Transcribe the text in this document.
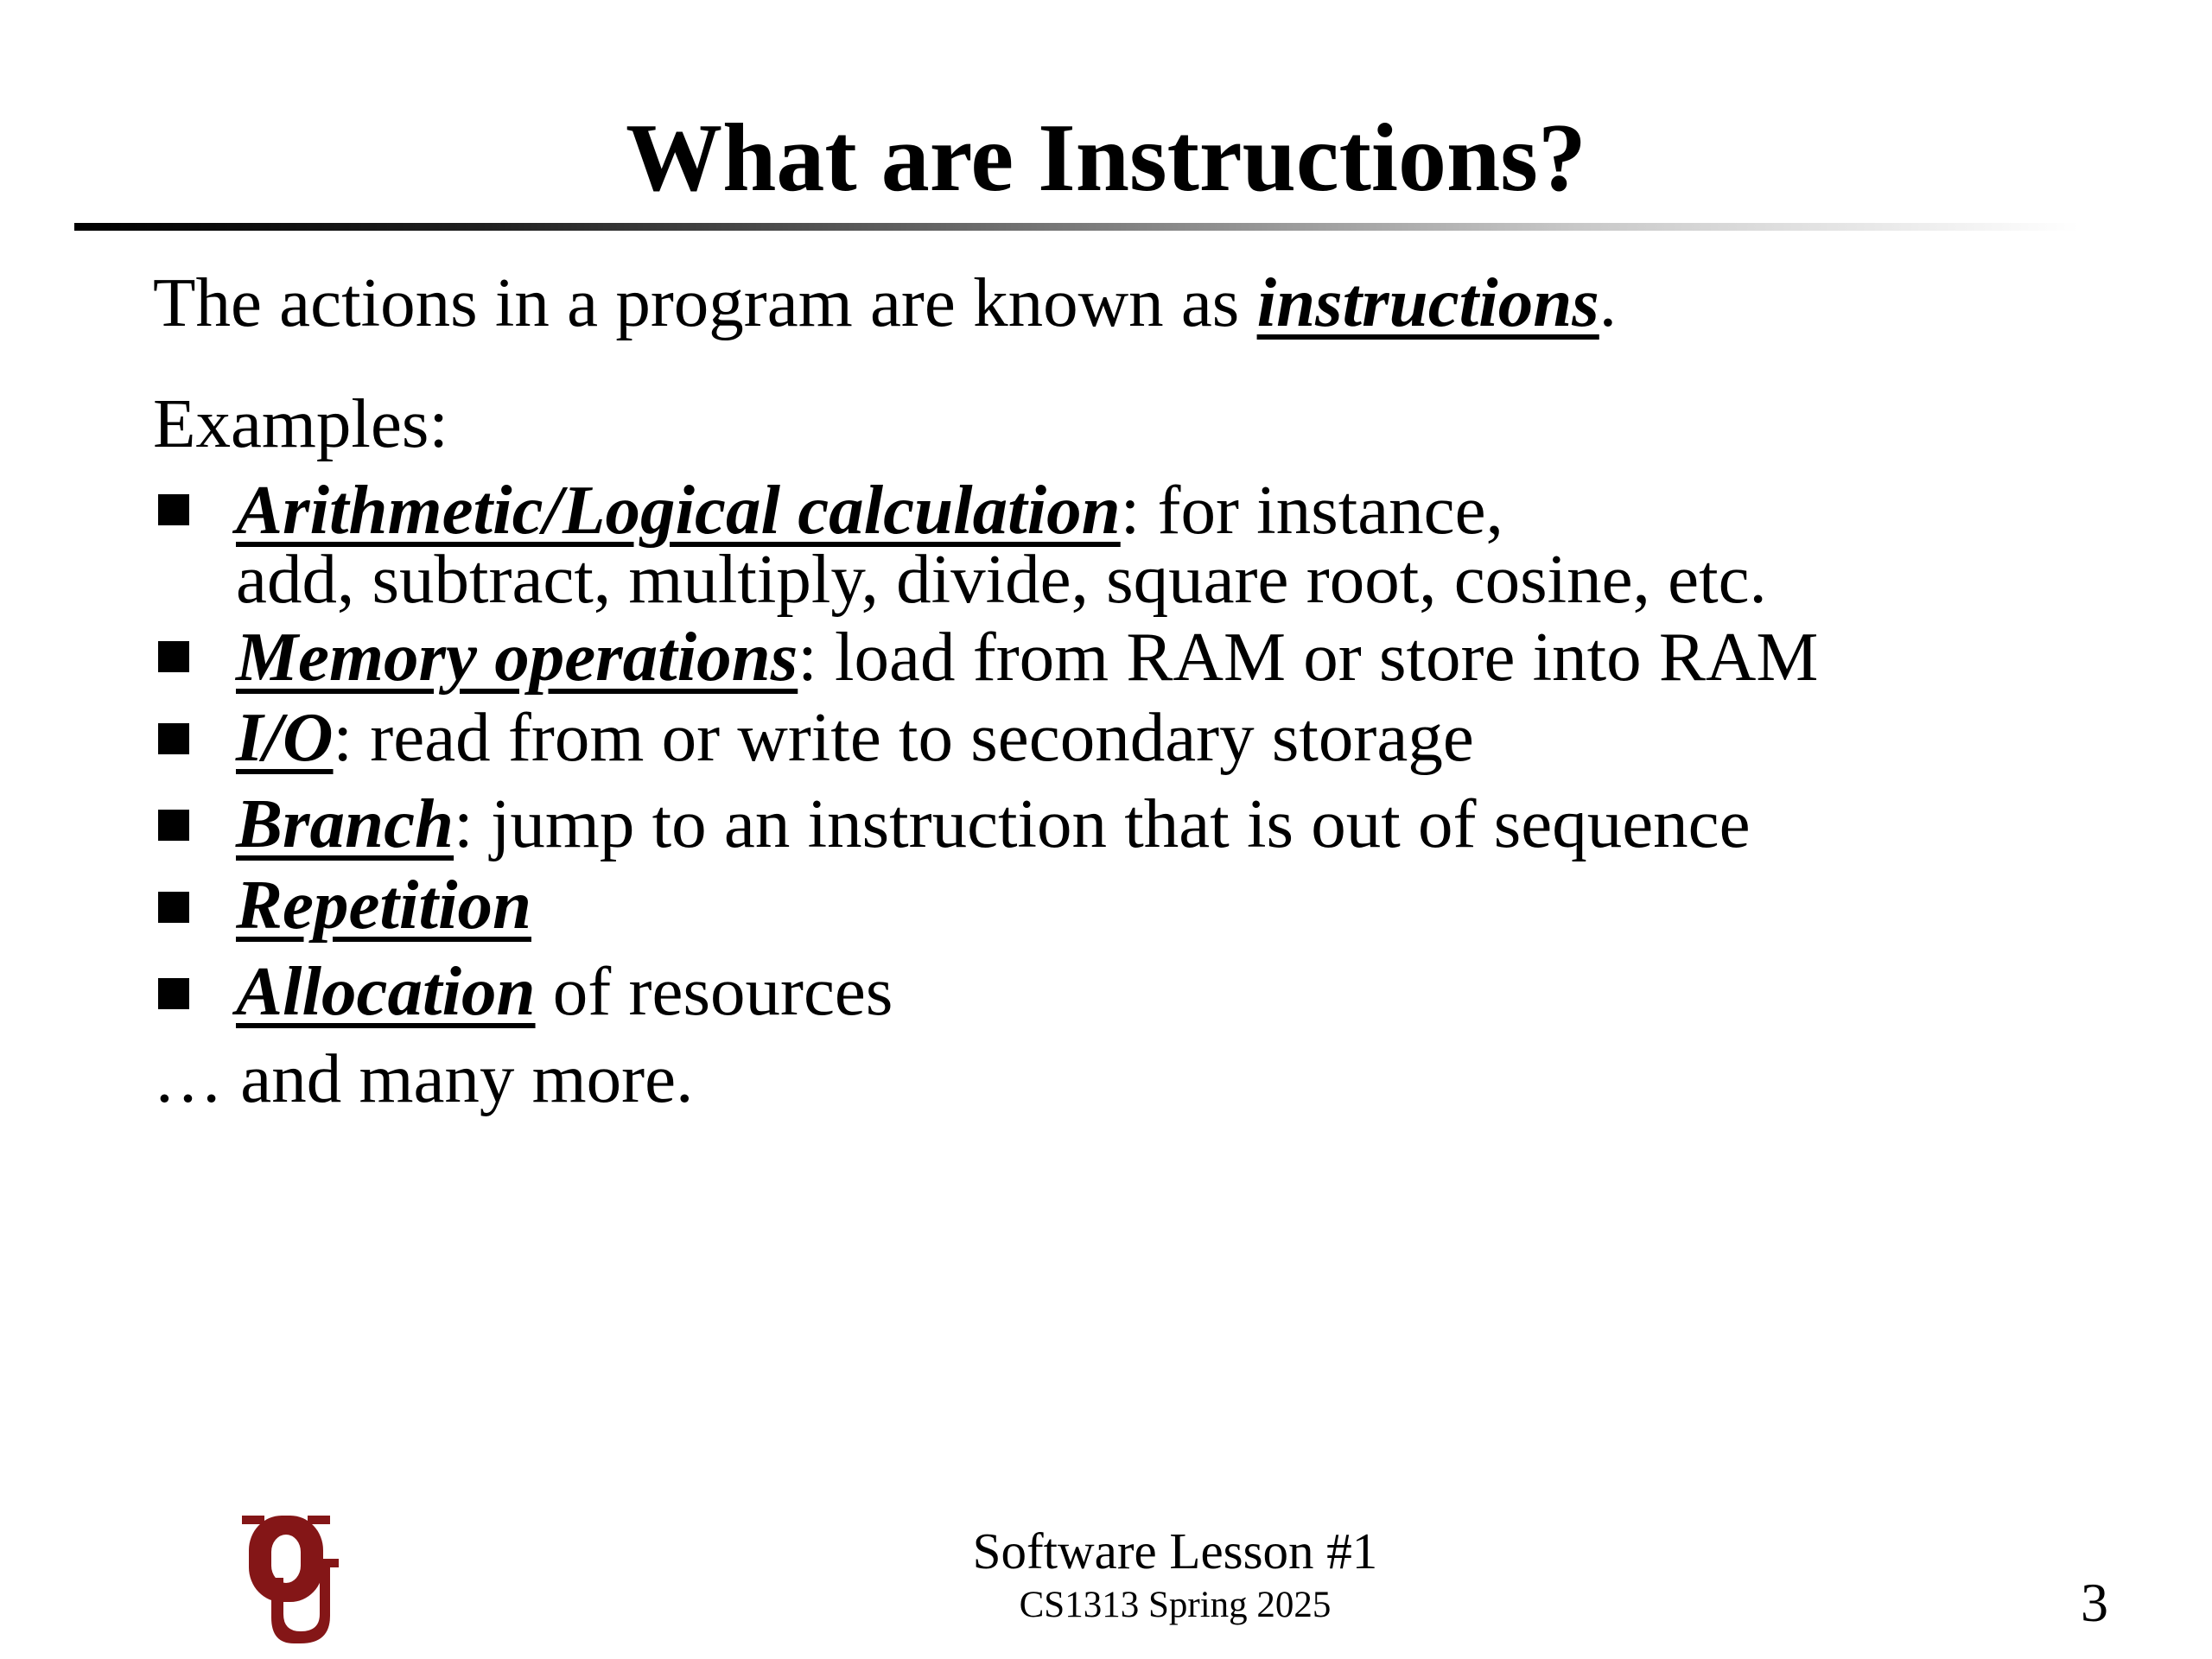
What are Instructions?
The actions in a program are known as instructions.
Examples:
Arithmetic/Logical calculation: for instance,
add, subtract, multiply, divide, square root, cosine, etc.
Memory operations: load from RAM or store into RAM
I/O: read from or write to secondary storage
Branch: jump to an instruction that is out of sequence
Repetition
Allocation of resources
… and many more.
Software Lesson #1
CS1313 Spring 2025	3
